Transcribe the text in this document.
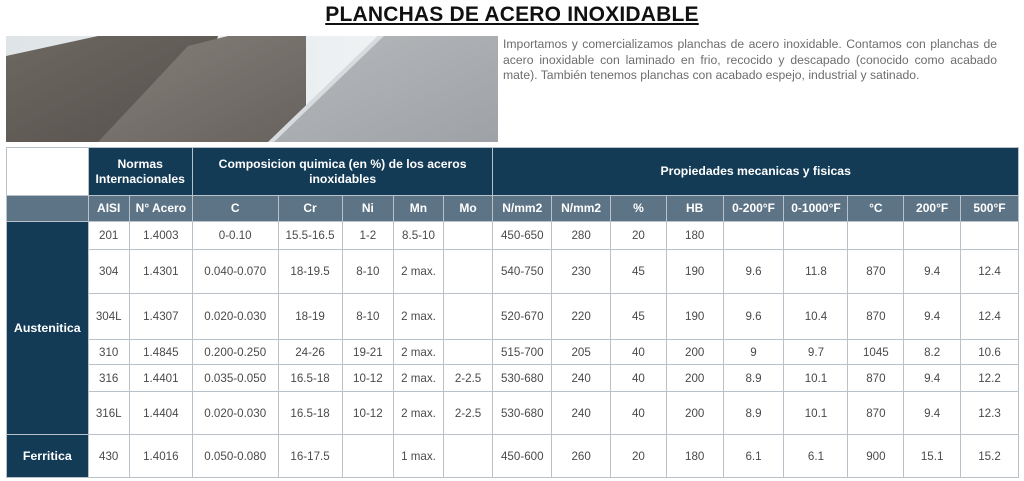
PLANCHAS DE ACERO INOXIDABLE
Importamos y comercializamos planchas de acero inoxidable. Contamos con planchas de acero inoxidable con laminado en frio, recocido y descapado (conocido como acabado mate). También tenemos planchas con acabado espejo, industrial y satinado.
	Normas Internacionales		Composicion quimica (en %) de los aceros inoxidables					Propiedades mecanicas y fisicas								
	AISI	N° Acero	C	Cr	Ni	Mn	Mo	N/mm2	N/mm2	%	HB	0-200°F	0-1000°F	°C	200°F	500°F
Austenitica	201	1.4003	0-0.10	15.5-16.5	1-2	8.5-10		450-650	280	20	180					
	304	1.4301	0.040-0.070	18-19.5	8-10	2 max.		540-750	230	45	190	9.6	11.8	870	9.4	12.4
	304L	1.4307	0.020-0.030	18-19	8-10	2 max.		520-670	220	45	190	9.6	10.4	870	9.4	12.4
	310	1.4845	0.200-0.250	24-26	19-21	2 max.		515-700	205	40	200	9	9.7	1045	8.2	10.6
	316	1.4401	0.035-0.050	16.5-18	10-12	2 max.	2-2.5	530-680	240	40	200	8.9	10.1	870	9.4	12.2
	316L	1.4404	0.020-0.030	16.5-18	10-12	2 max.	2-2.5	530-680	240	40	200	8.9	10.1	870	9.4	12.3
Ferritica	430	1.4016	0.050-0.080	16-17.5		1 max.		450-600	260	20	180	6.1	6.1	900	15.1	15.2
